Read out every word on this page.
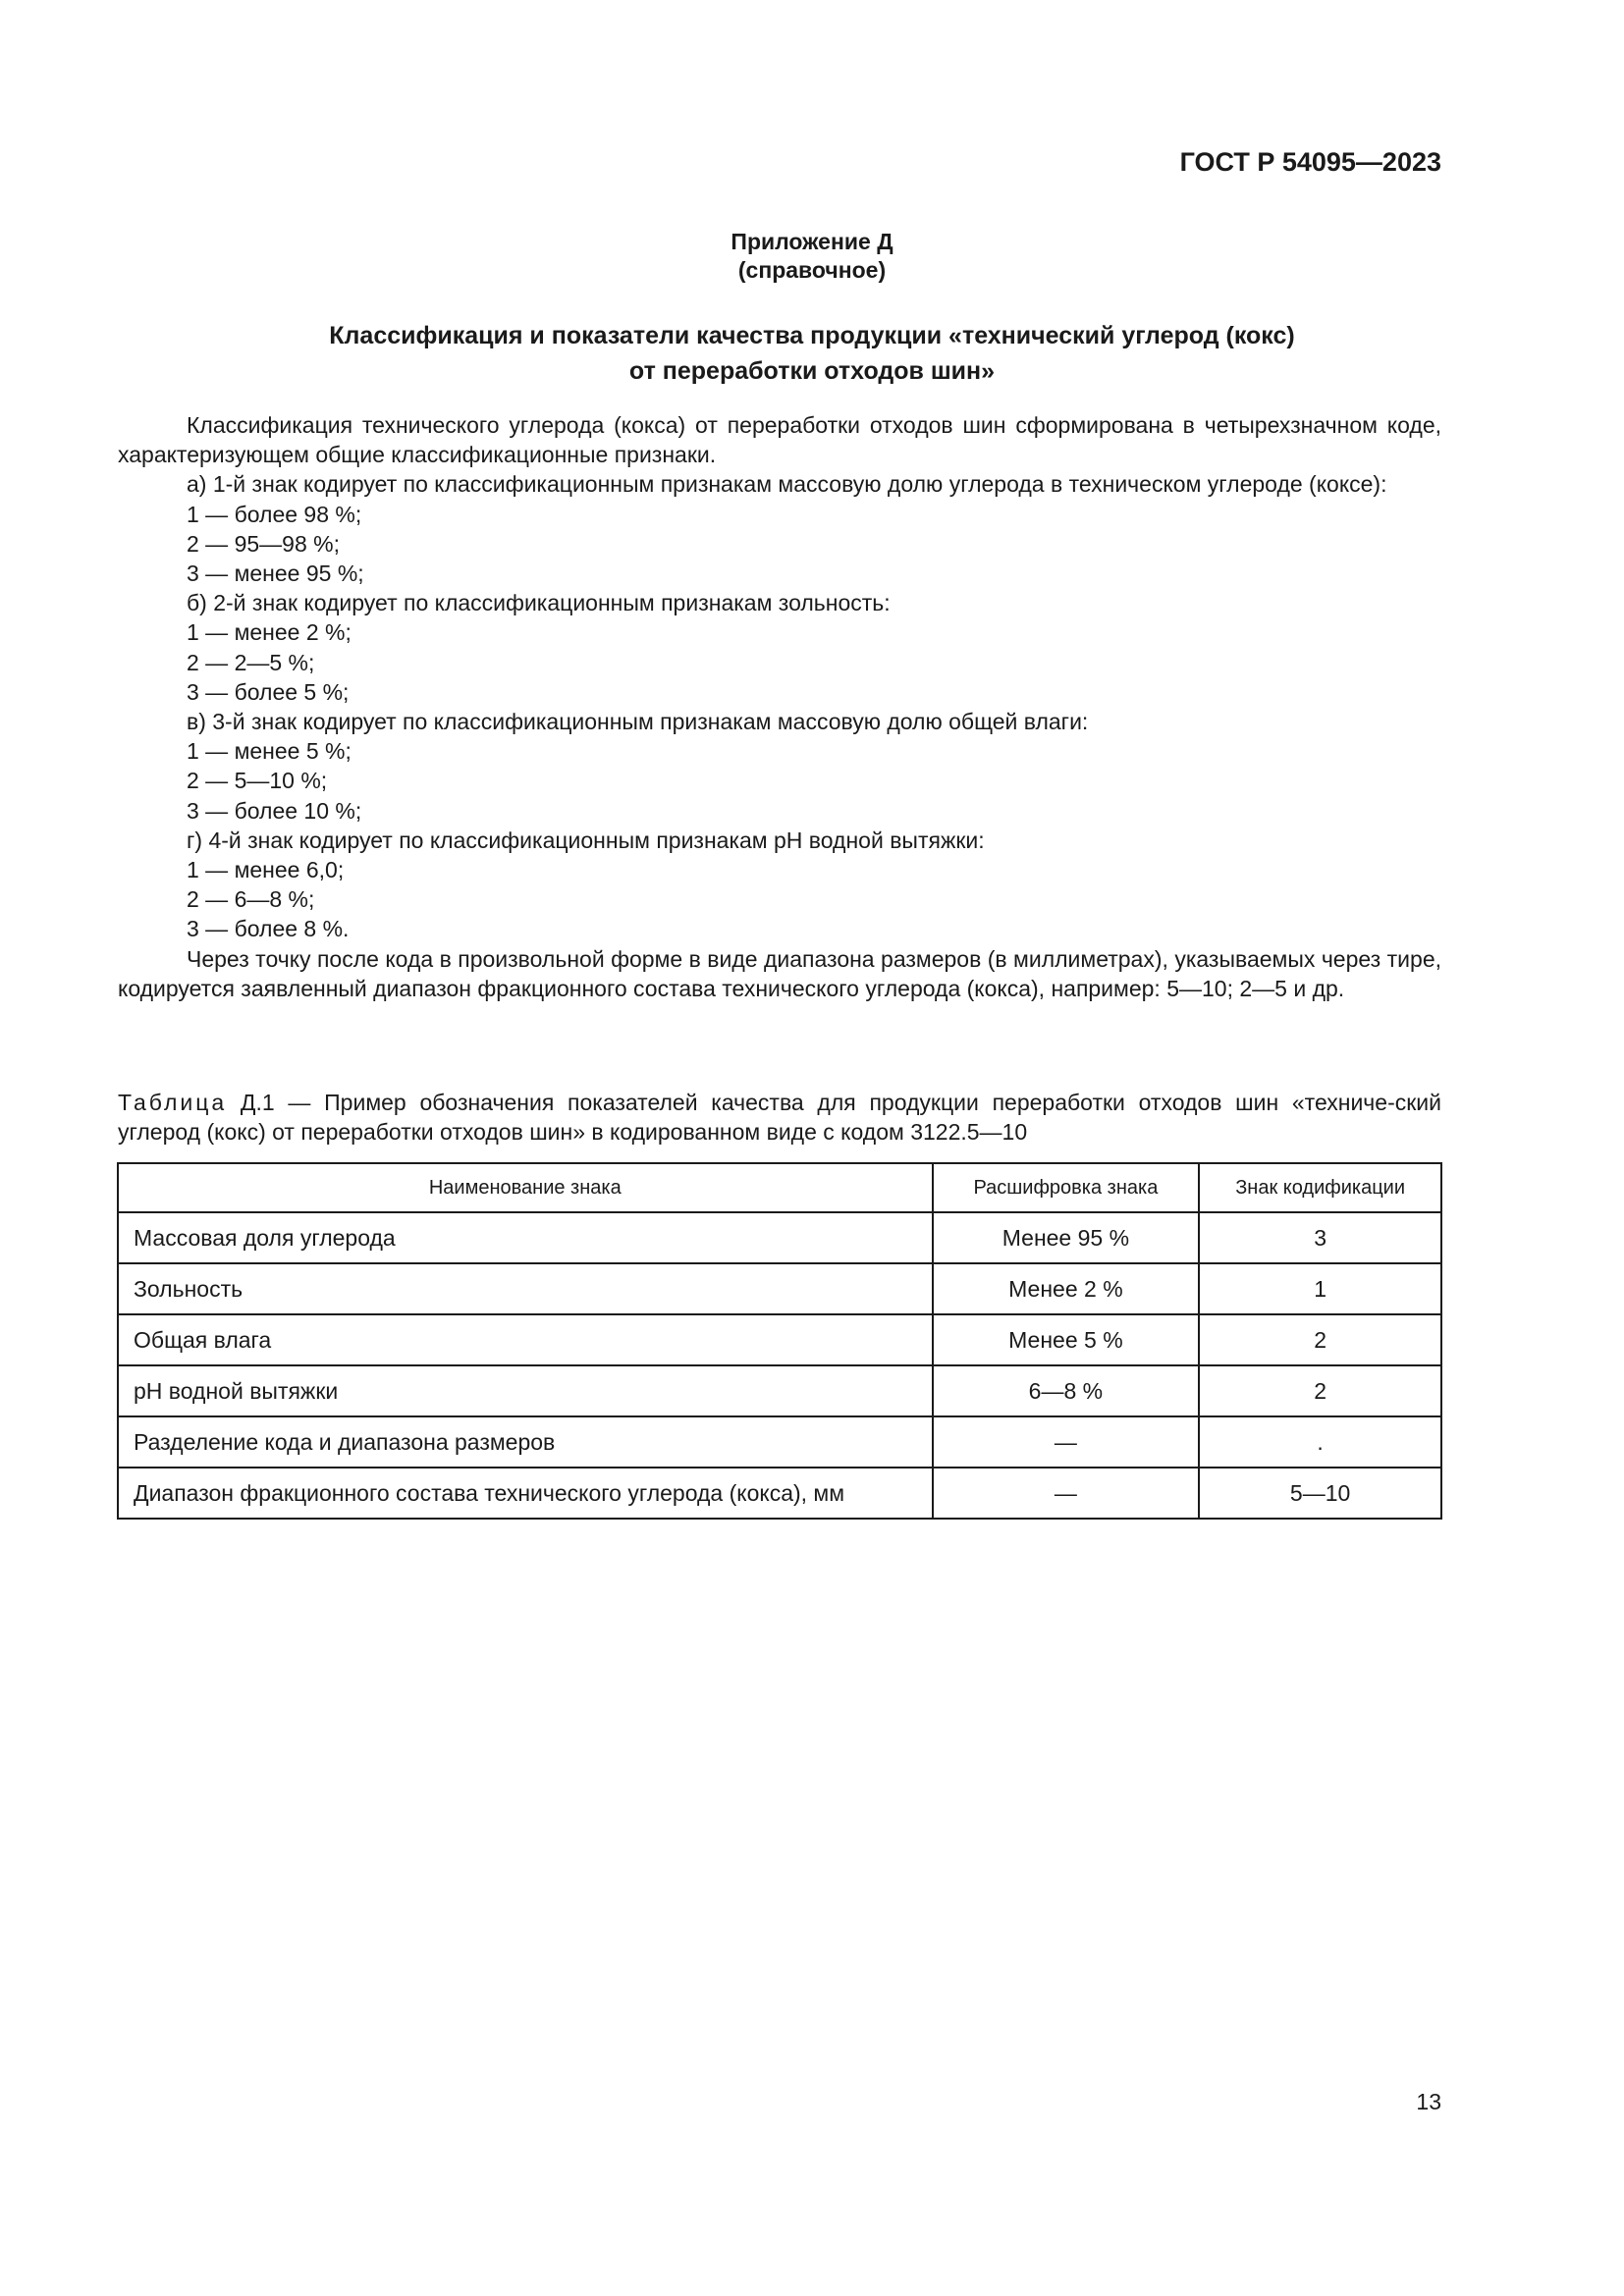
ГОСТ Р 54095—2023
Приложение Д
(справочное)
Классификация и показатели качества продукции «технический углерод (кокс)
от переработки отходов шин»

Классификация технического углерода (кокса) от переработки отходов шин сформирована в четырехзначном коде, характеризующем общие классификационные признаки.

а) 1-й знак кодирует по классификационным признакам массовую долю углерода в техническом углероде (коксе):

1 — более 98 %;

2 — 95—98 %;

3 — менее 95 %;

б) 2-й знак кодирует по классификационным признакам зольность:

1 — менее 2 %;

2 — 2—5 %;

3 — более 5 %;

в) 3-й знак кодирует по классификационным признакам массовую долю общей влаги:

1 — менее 5 %;

2 — 5—10 %;

3 — более 10 %;

г) 4-й знак кодирует по классификационным признакам pH водной вытяжки:

1 — менее 6,0;

2 — 6—8 %;

3 — более 8 %.

Через точку после кода в произвольной форме в виде диапазона размеров (в миллиметрах), указываемых через тире, кодируется заявленный диапазон фракционного состава технического углерода (кокса), например: 5—10; 2—5 и др.

Таблица Д.1 — Пример обозначения показателей качества для продукции переработки отходов шин «техниче-ский углерод (кокс) от переработки отходов шин» в кодированном виде с кодом 3122.5—10
Наименование знака	Расшифровка знака	Знак кодификации
Массовая доля углерода	Менее 95 %	3
Зольность	Менее 2 %	1
Общая влага	Менее 5 %	2
pH водной вытяжки	6—8 %	2
Разделение кода и диапазона размеров	—	.
Диапазон фракционного состава технического углерода (кокса), мм	—	5—10
13
